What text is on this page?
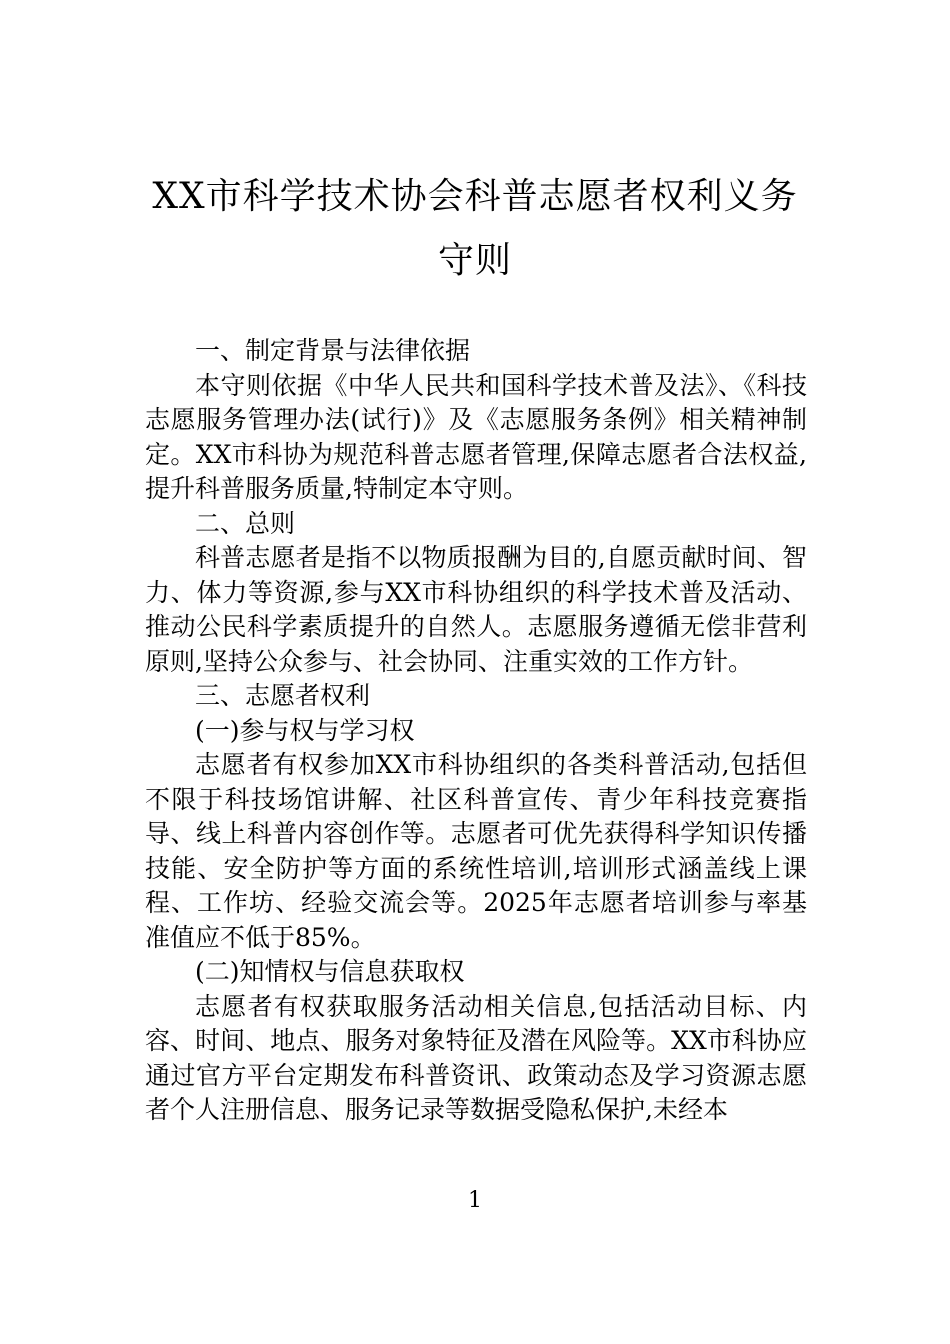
XX市科学技术协会科普志愿者权利义务守则

一、制定背景与法律依据

本守则依据《中华人民共和国科学技术普及法》、《科技志愿服务管理办法(试行)》及《志愿服务条例》相关精神制定。XX市科协为规范科普志愿者管理,保障志愿者合法权益,提升科普服务质量,特制定本守则。

二、总则

科普志愿者是指不以物质报酬为目的,自愿贡献时间、智力、体力等资源,参与XX市科协组织的科学技术普及活动、推动公民科学素质提升的自然人。志愿服务遵循无偿非营利原则,坚持公众参与、社会协同、注重实效的工作方针。

三、志愿者权利

(一)参与权与学习权

志愿者有权参加XX市科协组织的各类科普活动,包括但不限于科技场馆讲解、社区科普宣传、青少年科技竞赛指导、线上科普内容创作等。志愿者可优先获得科学知识传播技能、安全防护等方面的系统性培训,培训形式涵盖线上课程、工作坊、经验交流会等。2025年志愿者培训参与率基准值应不低于85%。

(二)知情权与信息获取权

志愿者有权获取服务活动相关信息,包括活动目标、内容、时间、地点、服务对象特征及潜在风险等。XX市科协应通过官方平台定期发布科普资讯、政策动态及学习资源志愿者个人注册信息、服务记录等数据受隐私保护,未经本

1
